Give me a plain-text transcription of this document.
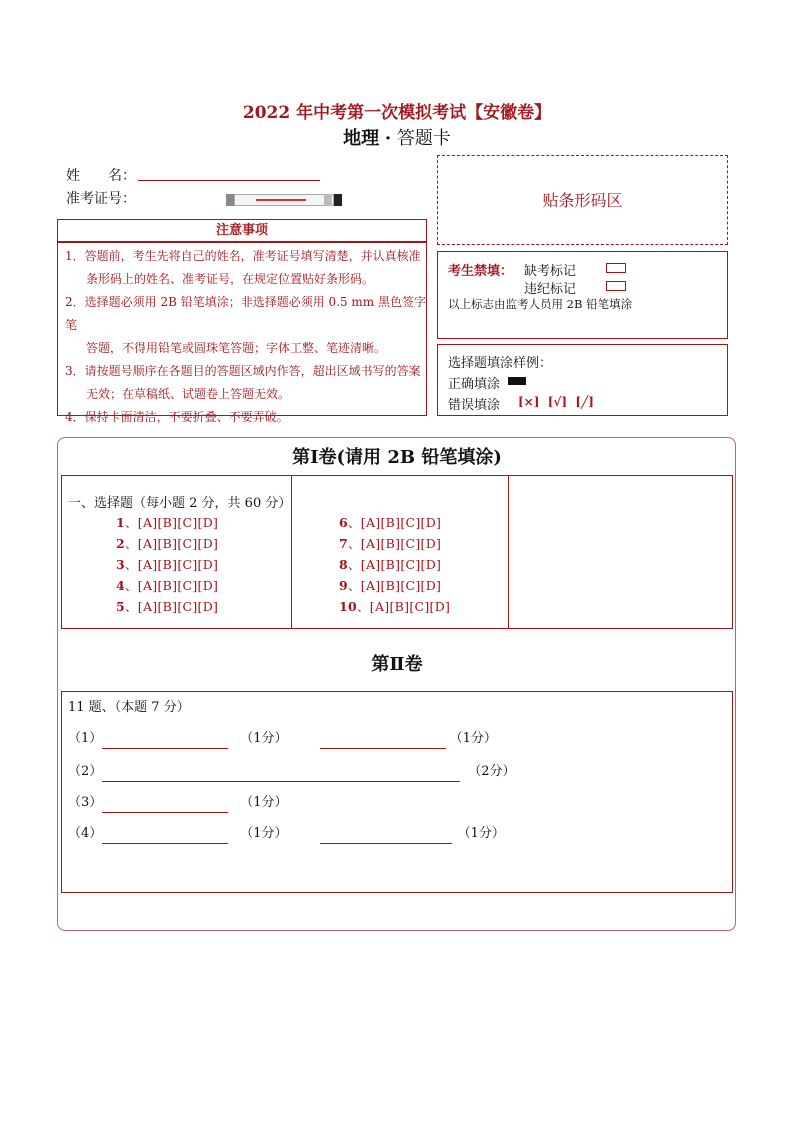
2022 年中考第一次模拟考试【安徽卷】
地理 · 答题卡
姓　　名：
准考证号：	贴条形码区
注意事项

1．答题前，考生先将自己的姓名，准考证号填写清楚，并认真核准

条形码上的姓名、准考证号，在规定位置贴好条形码。

2．选择题必须用 2B 铅笔填涂；非选择题必须用 0.5 mm 黑色签字笔

答题，不得用铅笔或圆珠笔答题；字体工整、笔迹清晰。

3．请按题号顺序在各题目的答题区域内作答，超出区域书写的答案

无效；在草稿纸、试题卷上答题无效。

4．保持卡面清洁，不要折叠、不要弄破。

考生禁填： 缺考标记
违纪标记
以上标志由监考人员用 2B 铅笔填涂
选择题填涂样例：
正确填涂
错误填涂 [×] [√] [╱]
第Ⅰ卷(请用 2B 铅笔填涂)
一、选择题（每小题 2 分，共 60 分）
1、[A][B][C][D]
2、[A][B][C][D]
3、[A][B][C][D]
4、[A][B][C][D]
5、[A][B][C][D]
6、[A][B][C][D]
7、[A][B][C][D]
8、[A][B][C][D]
9、[A][B][C][D]
10、[A][B][C][D]
第Ⅱ卷
11 题、（本题 7 分）
（1）	（1分）	（1分）
（2）	（2分）
（3）	（1分）
（4）	（1分）	（1分）
